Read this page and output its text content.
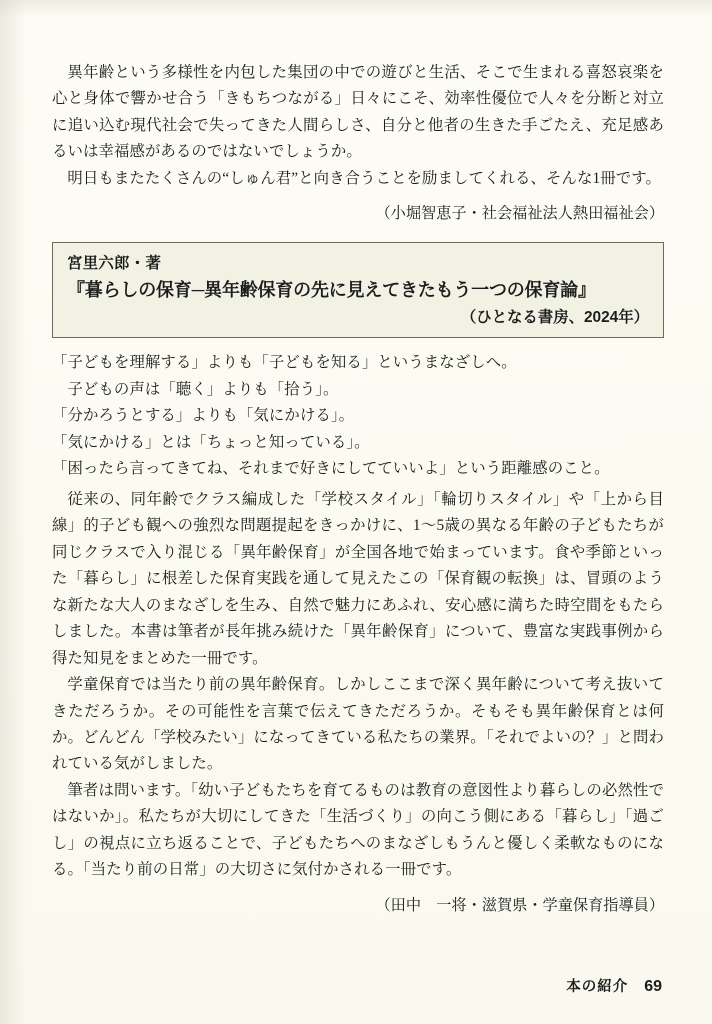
異年齢という多様性を内包した集団の中での遊びと生活、そこで生まれる喜怒哀楽を心と身体で響かせ合う「きもちつながる」日々にこそ、効率性優位で人々を分断と対立に追い込む現代社会で失ってきた人間らしさ、自分と他者の生きた手ごたえ、充足感あるいは幸福感があるのではないでしょうか。

明日もまたたくさんの“しゅん君”と向き合うことを励ましてくれる、そんな1冊です。

（小堀智恵子・社会福祉法人熱田福祉会）
宮里六郎・著
『暮らしの保育─異年齢保育の先に見えてきたもう一つの保育論』
（ひとなる書房、2024年）

「子どもを理解する」よりも「子どもを知る」というまなざしへ。

子どもの声は「聴く」よりも「拾う」。

「分かろうとする」よりも「気にかける」。

「気にかける」とは「ちょっと知っている」。

「困ったら言ってきてね、それまで好きにしてていいよ」という距離感のこと。

従来の、同年齢でクラス編成した「学校スタイル」「輪切りスタイル」や「上から目線」的子ども観への強烈な問題提起をきっかけに、1～5歳の異なる年齢の子どもたちが同じクラスで入り混じる「異年齢保育」が全国各地で始まっています。食や季節といった「暮らし」に根差した保育実践を通して見えたこの「保育観の転換」は、冒頭のような新たな大人のまなざしを生み、自然で魅力にあふれ、安心感に満ちた時空間をもたらしました。本書は筆者が長年挑み続けた「異年齢保育」について、豊富な実践事例から得た知見をまとめた一冊です。

学童保育では当たり前の異年齢保育。しかしここまで深く異年齢について考え抜いてきただろうか。その可能性を言葉で伝えてきただろうか。そもそも異年齢保育とは何か。どんどん「学校みたい」になってきている私たちの業界。「それでよいの？」と問われている気がしました。

筆者は問います。「幼い子どもたちを育てるものは教育の意図性より暮らしの必然性ではないか」。私たちが大切にしてきた「生活づくり」の向こう側にある「暮らし」「過ごし」の視点に立ち返ることで、子どもたちへのまなざしもうんと優しく柔軟なものになる。「当たり前の日常」の大切さに気付かされる一冊です。

（田中　一将・滋賀県・学童保育指導員）
本の紹介 69
